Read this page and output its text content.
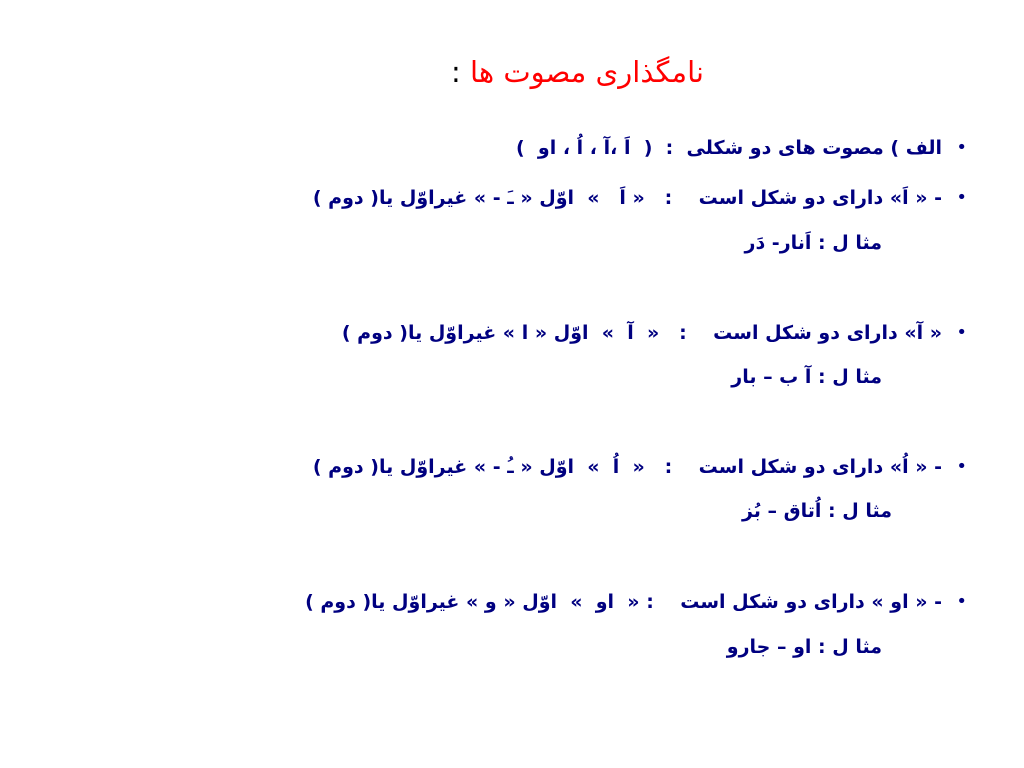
نامگذاری مصوت ها :
•
الف ) مصوت های دو شکلی  :  (  اَ ،آ ، اُ ، او  )
•
- « اَ» دارای دو شکل است    :   « اَ   »  اوّل « ـَ - » غیراوّل یا( دوم )
مثا ل : اَنار- دَر
•
« آ» دارای دو شکل است    :   «  آ  »  اوّل « ا » غیراوّل یا( دوم )
مثا ل : آ ب – بار
•
- « اُ» دارای دو شکل است    :   «  اُ  »  اوّل « ـُ - » غیراوّل یا( دوم )
مثا ل : اُتاق – بُز
•
- « او » دارای دو شکل است    : «  او  »  اوّل « و » غیراوّل یا( دوم )
مثا ل : او – جارو
